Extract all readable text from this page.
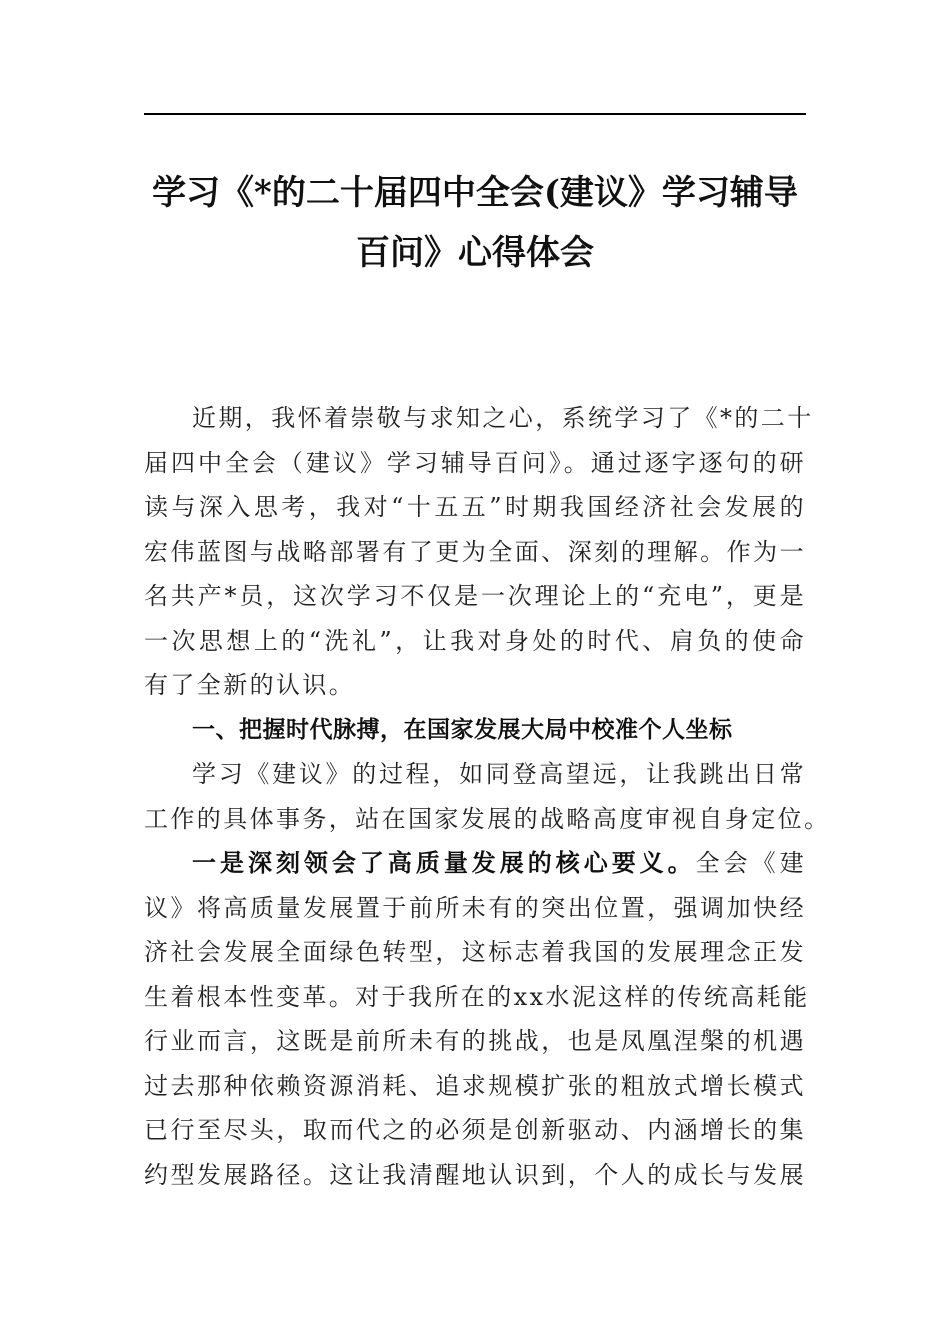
学习《*的二十届四中全会(建议》学习辅导
百问》心得体会

近期，我怀着崇敬与求知之心，系统学习了《*的二十
届四中全会（建议》学习辅导百问》。通过逐字逐句的研
读与深入思考，我对“十五五”时期我国经济社会发展的
宏伟蓝图与战略部署有了更为全面、深刻的理解。作为一
名共产*员，这次学习不仅是一次理论上的“充电”，更是
一次思想上的“洗礼”，让我对身处的时代、肩负的使命
有了全新的认识。

一、把握时代脉搏，在国家发展大局中校准个人坐标

学习《建议》的过程，如同登高望远，让我跳出日常
工作的具体事务，站在国家发展的战略高度审视自身定位。

一是深刻领会了高质量发展的核心要义。全会《建
议》将高质量发展置于前所未有的突出位置，强调加快经
济社会发展全面绿色转型，这标志着我国的发展理念正发
生着根本性变革。对于我所在的xx水泥这样的传统高耗能
行业而言，这既是前所未有的挑战，也是凤凰涅槃的机遇
过去那种依赖资源消耗、追求规模扩张的粗放式增长模式
已行至尽头，取而代之的必须是创新驱动、内涵增长的集
约型发展路径。这让我清醒地认识到，个人的成长与发展
